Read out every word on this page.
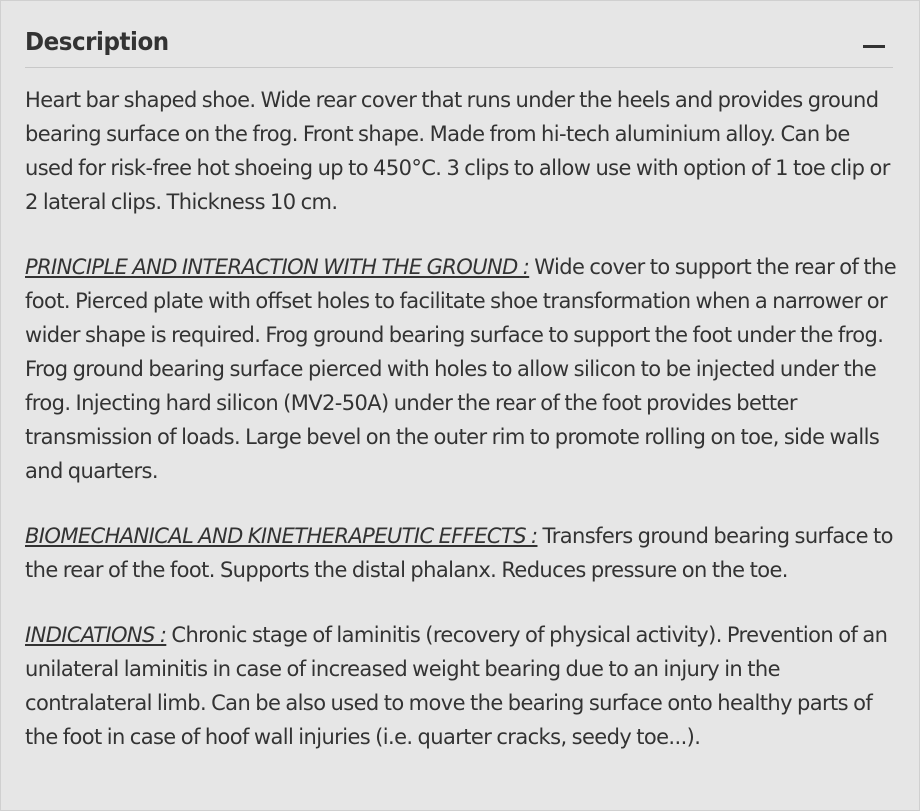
Description

Heart bar shaped shoe. Wide rear cover that runs under the heels and provides ground bearing surface on the frog. Front shape. Made from hi-tech aluminium alloy. Can be used for risk-free hot shoeing up to 450°C. 3 clips to allow use with option of 1 toe clip or 2 lateral clips. Thickness 10 cm.

PRINCIPLE AND INTERACTION WITH THE GROUND : Wide cover to support the rear of the foot. Pierced plate with offset holes to facilitate shoe transformation when a narrower or wider shape is required. Frog ground bearing surface to support the foot under the frog. Frog ground bearing surface pierced with holes to allow silicon to be injected under the frog. Injecting hard silicon (MV2-50A) under the rear of the foot provides better transmission of loads. Large bevel on the outer rim to promote rolling on toe, side walls and quarters.

BIOMECHANICAL AND KINETHERAPEUTIC EFFECTS : Transfers ground bearing surface to the rear of the foot. Supports the distal phalanx. Reduces pressure on the toe.

INDICATIONS : Chronic stage of laminitis (recovery of physical activity). Prevention of an unilateral laminitis in case of increased weight bearing due to an injury in the contralateral limb. Can be also used to move the bearing surface onto healthy parts of the foot in case of hoof wall injuries (i.e. quarter cracks, seedy toe...).
